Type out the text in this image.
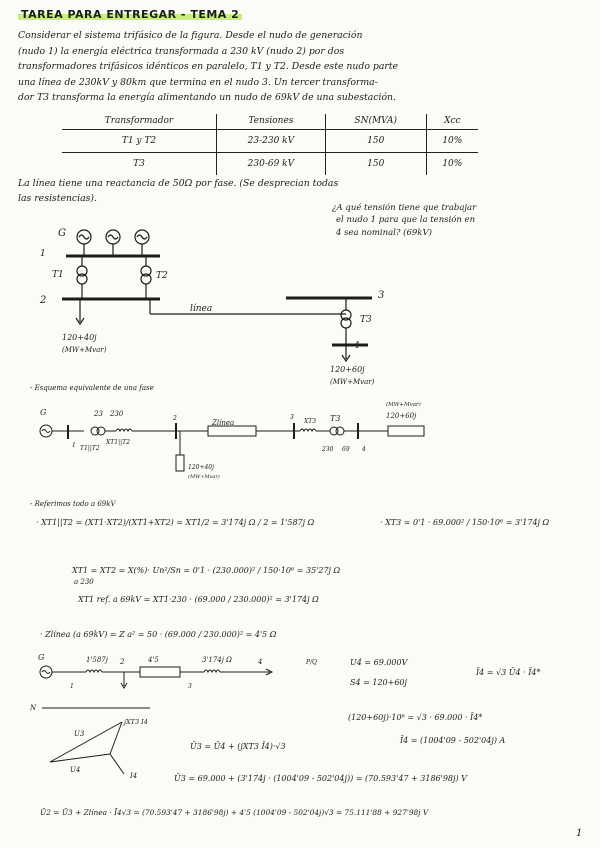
TAREA PARA ENTREGAR - TEMA 2
Considerar el sistema trifásico de la figura. Desde el nudo de generación
(nudo 1) la energía eléctrica transformada a 230 kV (nudo 2) por dos
transformadores trifásicos idénticos en paralelo, T1 y T2. Desde este nudo parte
una línea de 230kV y 80km que termina en el nudo 3. Un tercer transforma-
dor T3 transforma la energía alimentando un nudo de 69kV de una subestación.
Transformador	Tensiones	SN(MVA)	Xcc
T1 y T2	23-230 kV	150	10%
T3	230-69 kV	150	10%
La línea tiene una reactancia de 50Ω por fase. (Se desprecian todas
las resistencias).
¿A qué tensión tiene que trabajar
el nudo 1 para que la tensión en
4 sea nominal? (69kV)
G
1
T1	T2
2
línea
3
T3
4
120+40j
(MW+Mvar)
120+60j
(MW+Mvar)
- Esquema equivalente de una fase
G	23 230
T1||T2
XT1||T2
1
2
Zlínea
3
XT3 T3
230 69 4
(MW+Mvar)
120+60j
120+40j
(MW+Mvar)
- Referimos todo a 69kV
· XT1||T2 = (XT1·XT2)/(XT1+XT2) = XT1/2 = 3'174j Ω / 2 = 1'587j Ω	· XT3 = 0'1 · 69.000² / 150·10⁶ = 3'174j Ω
XT1 = XT2 = X(%)· Un²/Sn = 0'1 · (230.000)² / 150·10⁶ = 35'27j Ω
a 230
XT1 ref. a 69kV = XT1·230 · (69.000 / 230.000)² = 3'174j Ω
· Zlínea (a 69kV) = Z a² = 50 · (69.000 / 230.000)² = 4'5 Ω
G	1'587j 2	4'5	3'174j Ω	4
1	3
P/Q	U4 = 69.000V
S4 = 120+60j
Ī4 = √3 Ū4 · Ī4*
(120+60j)·10⁶ = √3 · 69.000 · Ī4*
Ī4 = (1004'09 - 502'04j) A
N
U3
U4
I4
jXT3 I4
Ū3 = Ū4 + (jXT3 Ī4)·√3
Ū3 = 69.000 + (3'174j · (1004'09 - 502'04j)) = (70.593'47 + 3186'98j) V
Ū2 = Ū3 + Zlínea · Ī4√3 = (70.593'47 + 3186'98j) + 4'5 (1004'09 - 502'04j)√3 = 75.111'88 + 927'98j V
1
